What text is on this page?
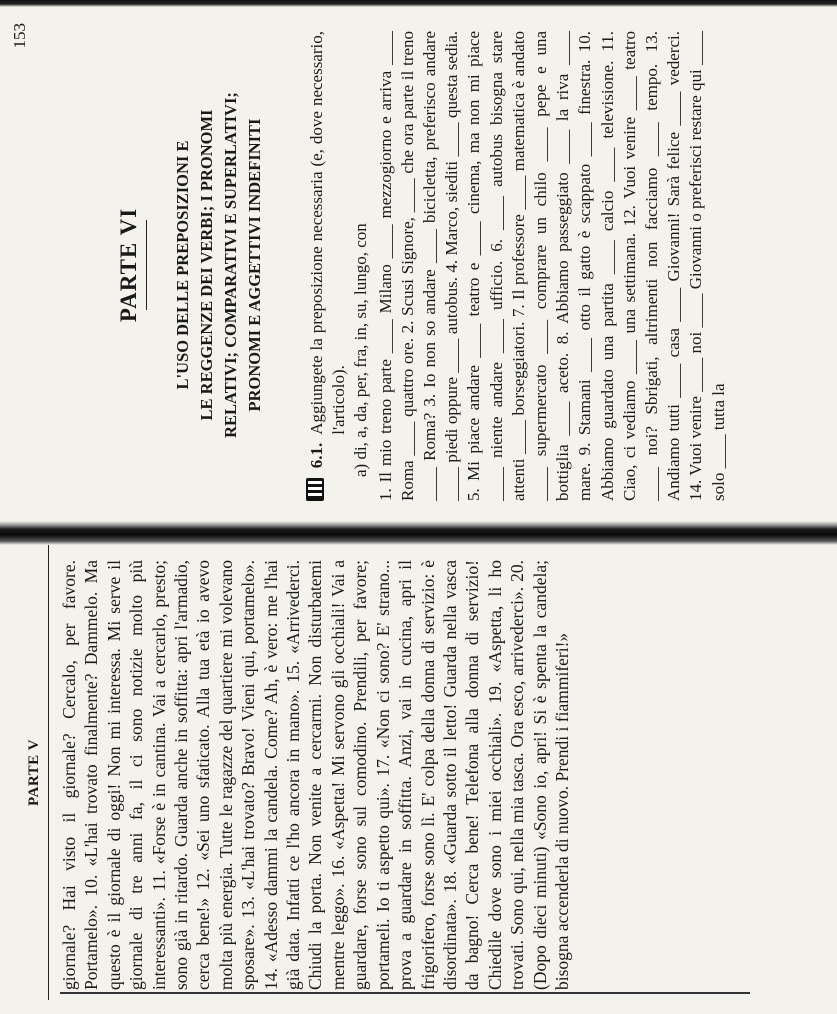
153

PARTE VI L'USO DELLE PREPOSIZIONI E LE REGGENZE DEI VERBI; I PRONOMI RELATIVI; COMPARATIVI E SUPERLATIVI; PRONOMI E AGGETTIVI INDEFINITI
6.1.
Aggiungete la preposizione necessaria (e, dove necessario, l'articolo). a) di, a, da, per, fra, in, su, lungo, con 1. Il mio treno parte ____ Milano ____ mezzogiorno e arriva ____ Roma ____ quattro ore. 2. Scusi Signore, ____ che ora parte il treno ____ Roma? 3. Io non so andare ____ bicicletta, preferisco andare ____ piedi oppure ____ autobus. 4. Marco, siediti ____ questa sedia. 5. Mi piace andare ____ teatro e ____ cinema, ma non mi piace ____ niente andare ____ ufficio. 6. ____ autobus bisogna stare attenti ____ borseggiatori. 7. Il professore ____ matematica è andato ____ supermercato ____ comprare un chilo ____ pepe e una bottiglia ____ aceto. 8. Abbiamo passeggiato ____ la riva ____ mare. 9. Stamani ____ otto il gatto è scappato ____ finestra. 10. Abbiamo guardato una partita ____ calcio ____ televisione. 11. Ciao, ci vediamo ____ una settimana. 12. Vuoi venire ____ teatro ____ noi? Sbrigati, altrimenti non facciamo ____ tempo. 13. Andiamo tutti ____ casa ____ Giovanni! Sarà felice ____ vederci. 14. Vuoi venire ____ noi ____ Giovanni o preferisci restare qui ____ solo ____ tutta la
PARTE V giornale? Hai visto il giornale? Cercalo, per favore. Portamelo». 10. «L'hai trovato finalmente? Dammelo. Ma questo è il giornale di oggi! Non mi interessa. Mi serve il giornale di tre anni fa, il ci sono notizie molto più interessanti». 11. «Forse è in cantina. Vai a cercarlo, presto; sono già in ritardo. Guarda anche in soffitta: apri l'armadio, cerca bene!» 12. «Sei uno sfaticato. Alla tua età io avevo molta più energia. Tutte le ragazze del quartiere mi volevano sposare». 13. «L'hai trovato? Bravo! Vieni qui, portamelo». 14. «Adesso dammi la candela. Come? Ah, è vero: me l'hai già data. Infatti ce l'ho ancora in mano». 15. «Arrivederci. Chiudi la porta. Non venite a cercarmi. Non disturbatemi mentre leggo». 16. «Aspetta! Mi servono gli occhiali! Vai a guardare, forse sono sul comodino. Prendili, per favore; portameli. Io ti aspetto qui». 17. «Non ci sono? E' strano... prova a guardare in soffitta. Anzi, vai in cucina, apri il frigorifero, forse sono lì. E' colpa della donna di servizio: è disordinata». 18. «Guarda sotto il letto! Guarda nella vasca da bagno! Cerca bene! Telefona alla donna di servizio! Chiedile dove sono i miei occhiali». 19. «Aspetta, li ho trovati. Sono qui, nella mia tasca. Ora esco, arrivederci». 20. (Dopo dieci minuti) «Sono io, apri! Si è spenta la candela; bisogna accenderla di nuovo. Prendi i fiammiferi!»
